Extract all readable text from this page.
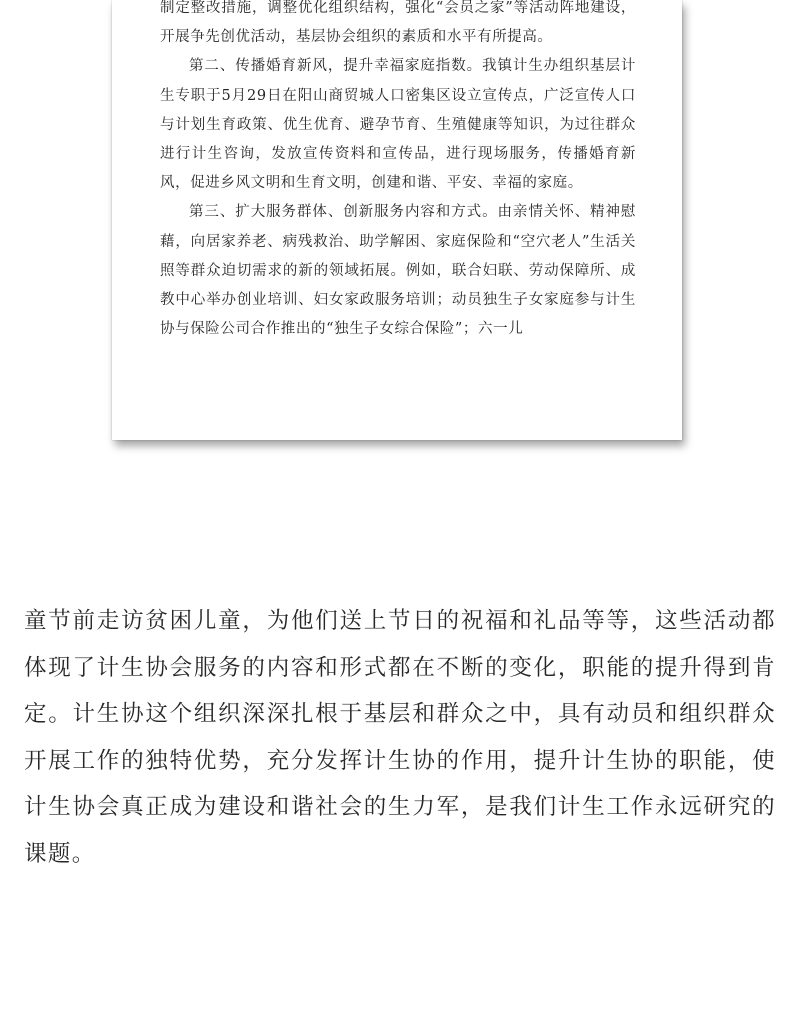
制定整改措施，调整优化组织结构，强化“会员之家”等活动阵地建设，开展争先创优活动，基层协会组织的素质和水平有所提高。

第二、传播婚育新风，提升幸福家庭指数。我镇计生办组织基层计生专职于5月29日在阳山商贸城人口密集区设立宣传点，广泛宣传人口与计划生育政策、优生优育、避孕节育、生殖健康等知识，为过往群众进行计生咨询，发放宣传资料和宣传品，进行现场服务，传播婚育新风，促进乡风文明和生育文明，创建和谐、平安、幸福的家庭。

第三、扩大服务群体、创新服务内容和方式。由亲情关怀、精神慰藉，向居家养老、病残救治、助学解困、家庭保险和“空穴老人”生活关照等群众迫切需求的新的领域拓展。例如，联合妇联、劳动保障所、成教中心举办创业培训、妇女家政服务培训；动员独生子女家庭参与计生协与保险公司合作推出的“独生子女综合保险”；六一儿

童节前走访贫困儿童，为他们送上节日的祝福和礼品等等，这些活动都体现了计生协会服务的内容和形式都在不断的变化，职能的提升得到肯定。计生协这个组织深深扎根于基层和群众之中，具有动员和组织群众开展工作的独特优势，充分发挥计生协的作用，提升计生协的职能，使计生协会真正成为建设和谐社会的生力军，是我们计生工作永远研究的课题。
